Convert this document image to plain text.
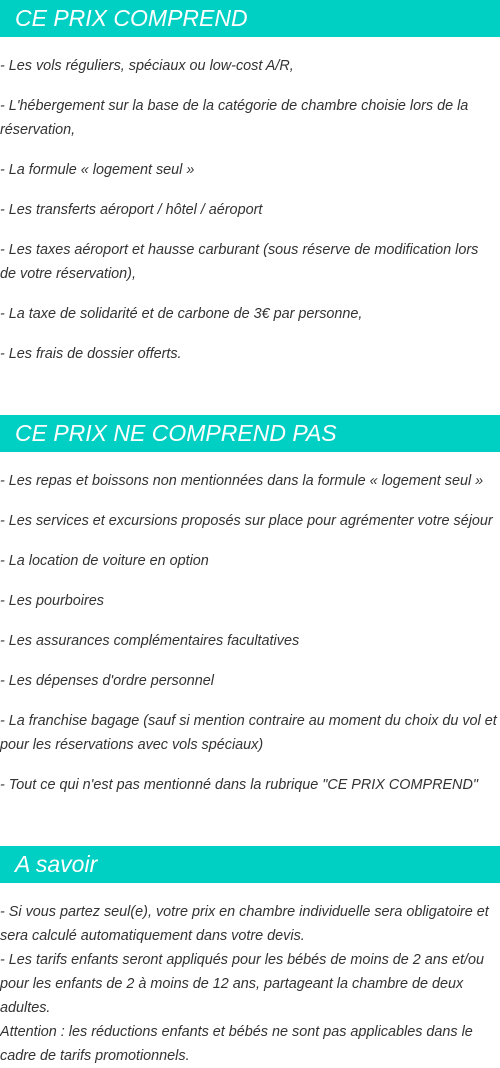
CE PRIX COMPREND
- Les vols réguliers, spéciaux ou low-cost A/R,
- L'hébergement sur la base de la catégorie de chambre choisie lors de la réservation,
- La formule « logement seul »
- Les transferts aéroport / hôtel / aéroport
- Les taxes aéroport et hausse carburant (sous réserve de modification lors de votre réservation),
- La taxe de solidarité et de carbone de 3€ par personne,
- Les frais de dossier offerts.
CE PRIX NE COMPREND PAS
- Les repas et boissons non mentionnées dans la formule « logement seul »
- Les services et excursions proposés sur place pour agrémenter votre séjour
- La location de voiture en option
- Les pourboires
- Les assurances complémentaires facultatives
- Les dépenses d'ordre personnel
- La franchise bagage (sauf si mention contraire au moment du choix du vol et pour les réservations avec vols spéciaux)
- Tout ce qui n'est pas mentionné dans la rubrique "CE PRIX COMPREND"
A savoir
- Si vous partez seul(e), votre prix en chambre individuelle sera obligatoire et sera calculé automatiquement dans votre devis.
- Les tarifs enfants seront appliqués pour les bébés de moins de 2 ans et/ou pour les enfants de 2 à moins de 12 ans, partageant la chambre de deux adultes.
Attention : les réductions enfants et bébés ne sont pas applicables dans le cadre de tarifs promotionnels.
